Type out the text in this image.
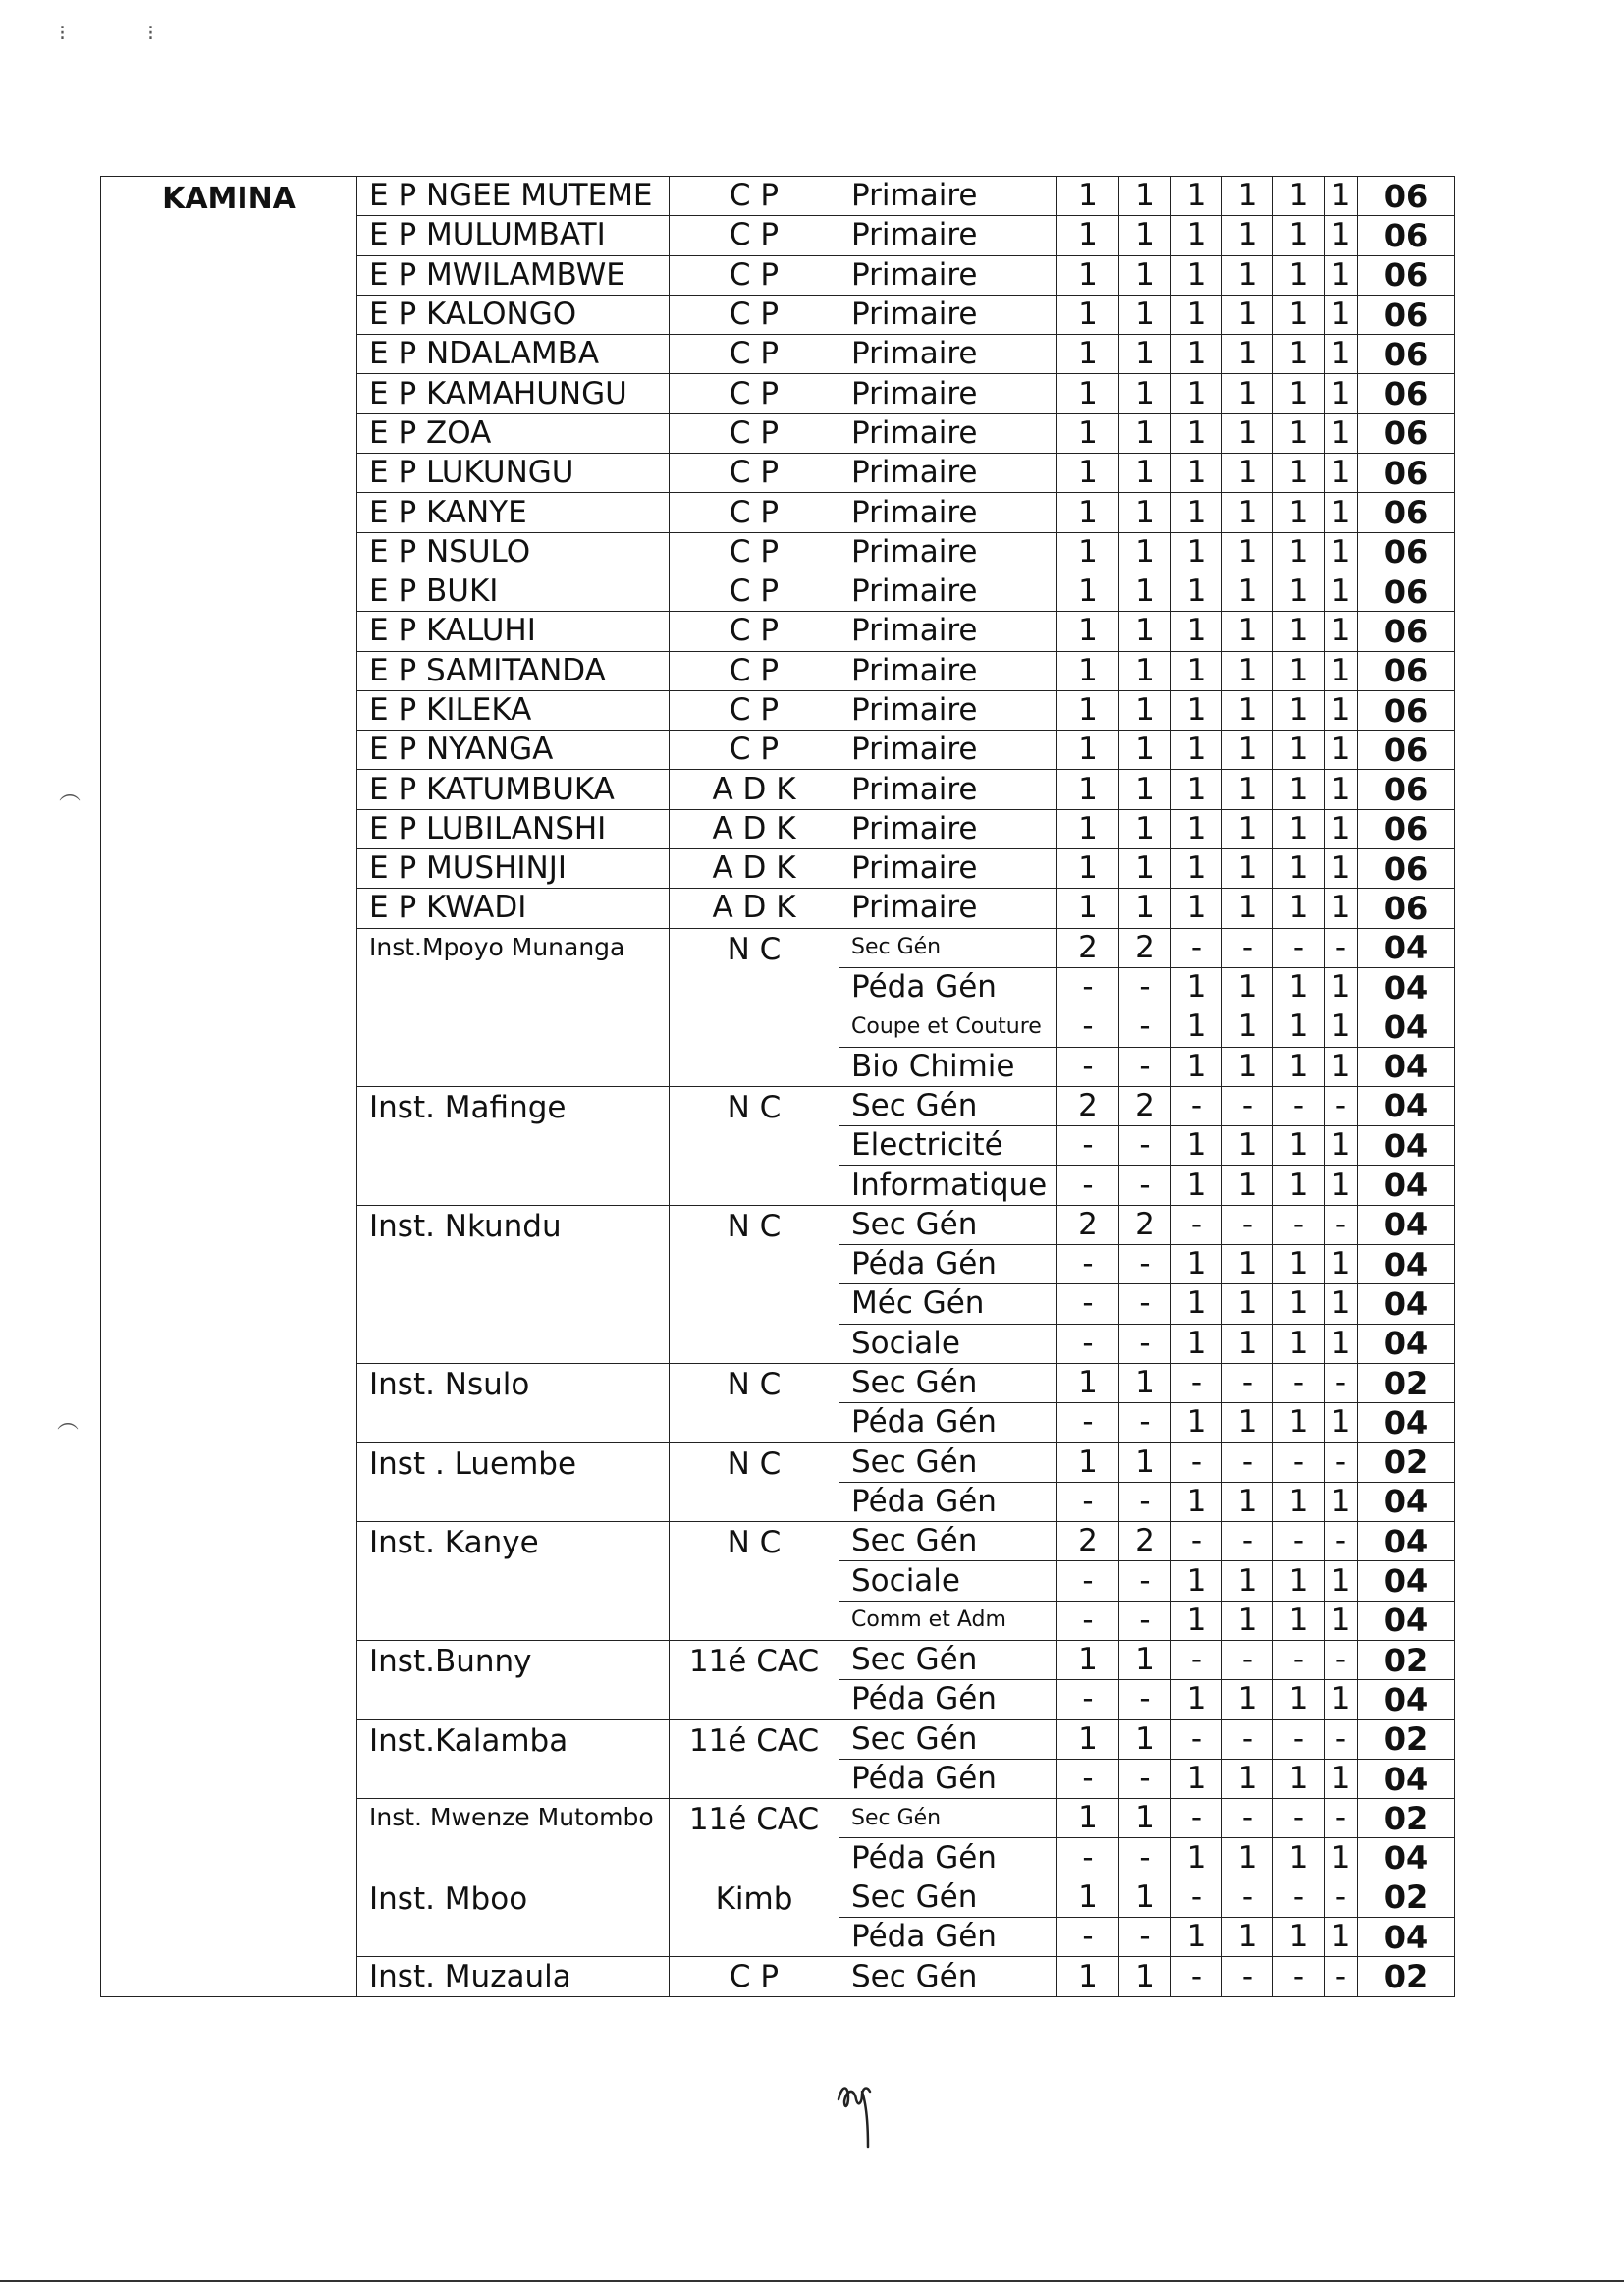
⁝	⁝
︵
︵
KAMINA	E P NGEE MUTEME	C P	Primaire	1	1	1	1	1	1	06
	E P MULUMBATI	C P	Primaire	1	1	1	1	1	1	06
	E P MWILAMBWE	C P	Primaire	1	1	1	1	1	1	06
	E P KALONGO	C P	Primaire	1	1	1	1	1	1	06
	E P NDALAMBA	C P	Primaire	1	1	1	1	1	1	06
	E P KAMAHUNGU	C P	Primaire	1	1	1	1	1	1	06
	E P ZOA	C P	Primaire	1	1	1	1	1	1	06
	E P LUKUNGU	C P	Primaire	1	1	1	1	1	1	06
	E P KANYE	C P	Primaire	1	1	1	1	1	1	06
	E P NSULO	C P	Primaire	1	1	1	1	1	1	06
	E P BUKI	C P	Primaire	1	1	1	1	1	1	06
	E P KALUHI	C P	Primaire	1	1	1	1	1	1	06
	E P SAMITANDA	C P	Primaire	1	1	1	1	1	1	06
	E P KILEKA	C P	Primaire	1	1	1	1	1	1	06
	E P NYANGA	C P	Primaire	1	1	1	1	1	1	06
	E P KATUMBUKA	A D K	Primaire	1	1	1	1	1	1	06
	E P LUBILANSHI	A D K	Primaire	1	1	1	1	1	1	06
	E P MUSHINJI	A D K	Primaire	1	1	1	1	1	1	06
	E P KWADI	A D K	Primaire	1	1	1	1	1	1	06
	Inst.Mpoyo Munanga	N C	Sec Gén	2	2	-	-	-	-	04
			Péda Gén	-	-	1	1	1	1	04
			Coupe et Couture	-	-	1	1	1	1	04
			Bio Chimie	-	-	1	1	1	1	04
	Inst. Mafinge	N C	Sec Gén	2	2	-	-	-	-	04
			Electricité	-	-	1	1	1	1	04
			Informatique	-	-	1	1	1	1	04
	Inst. Nkundu	N C	Sec Gén	2	2	-	-	-	-	04
			Péda Gén	-	-	1	1	1	1	04
			Méc Gén	-	-	1	1	1	1	04
			Sociale	-	-	1	1	1	1	04
	Inst. Nsulo	N C	Sec Gén	1	1	-	-	-	-	02
			Péda Gén	-	-	1	1	1	1	04
	Inst . Luembe	N C	Sec Gén	1	1	-	-	-	-	02
			Péda Gén	-	-	1	1	1	1	04
	Inst. Kanye	N C	Sec Gén	2	2	-	-	-	-	04
			Sociale	-	-	1	1	1	1	04
			Comm et Adm	-	-	1	1	1	1	04
	Inst.Bunny	11é CAC	Sec Gén	1	1	-	-	-	-	02
			Péda Gén	-	-	1	1	1	1	04
	Inst.Kalamba	11é CAC	Sec Gén	1	1	-	-	-	-	02
			Péda Gén	-	-	1	1	1	1	04
	Inst. Mwenze Mutombo	11é CAC	Sec Gén	1	1	-	-	-	-	02
			Péda Gén	-	-	1	1	1	1	04
	Inst. Mboo	Kimb	Sec Gén	1	1	-	-	-	-	02
			Péda Gén	-	-	1	1	1	1	04
	Inst. Muzaula	C P	Sec Gén	1	1	-	-	-	-	02
